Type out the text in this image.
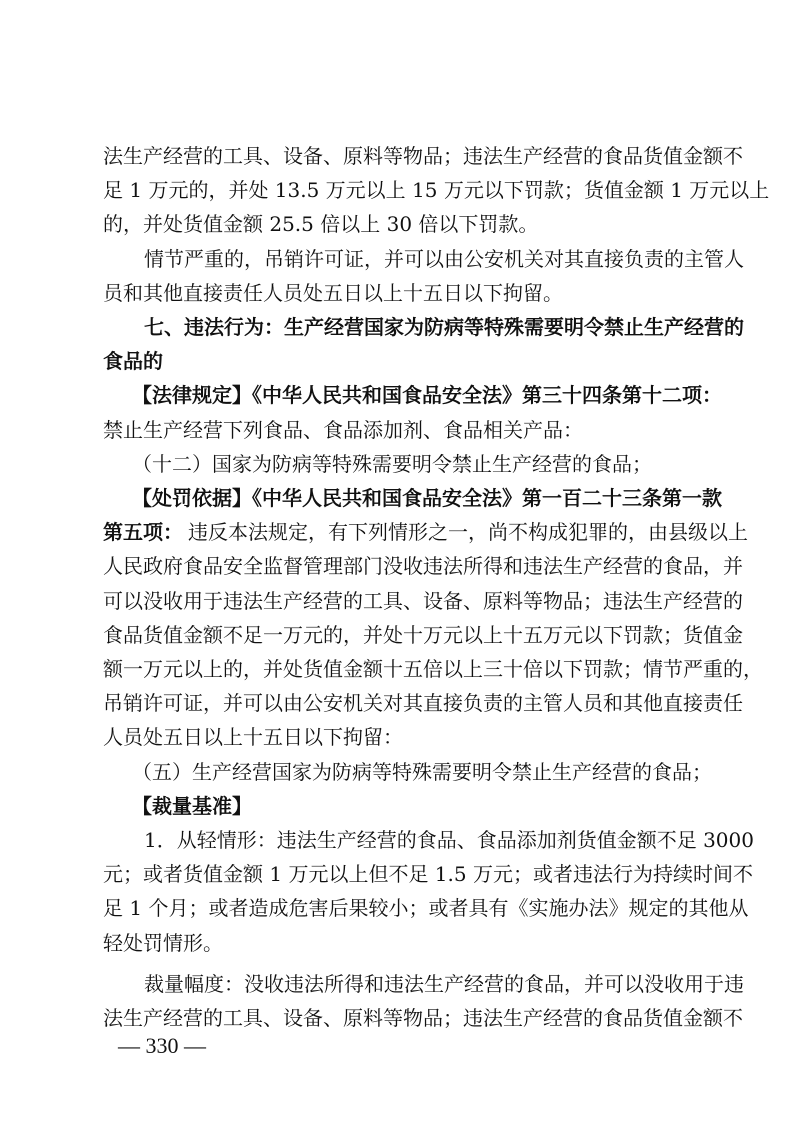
法生产经营的工具、设备、原料等物品；违法生产经营的食品货值金额不
足 1 万元的，并处 13.5 万元以上 15 万元以下罚款；货值金额 1 万元以上
的，并处货值金额 25.5 倍以上 30 倍以下罚款。
情节严重的，吊销许可证，并可以由公安机关对其直接负责的主管人
员和其他直接责任人员处五日以上十五日以下拘留。
七、违法行为：生产经营国家为防病等特殊需要明令禁止生产经营的
食品的
【法律规定】《中华人民共和国食品安全法》第三十四条第十二项：
禁止生产经营下列食品、食品添加剂、食品相关产品：
（十二）国家为防病等特殊需要明令禁止生产经营的食品；
【处罚依据】《中华人民共和国食品安全法》第一百二十三条第一款
第五项： 违反本法规定，有下列情形之一，尚不构成犯罪的，由县级以上
人民政府食品安全监督管理部门没收违法所得和违法生产经营的食品，并
可以没收用于违法生产经营的工具、设备、原料等物品；违法生产经营的
食品货值金额不足一万元的，并处十万元以上十五万元以下罚款；货值金
额一万元以上的，并处货值金额十五倍以上三十倍以下罚款；情节严重的，
吊销许可证，并可以由公安机关对其直接负责的主管人员和其他直接责任
人员处五日以上十五日以下拘留：
（五）生产经营国家为防病等特殊需要明令禁止生产经营的食品；
【裁量基准】
1．从轻情形：违法生产经营的食品、食品添加剂货值金额不足 3000
元；或者货值金额 1 万元以上但不足 1.5 万元；或者违法行为持续时间不
足 1 个月；或者造成危害后果较小；或者具有《实施办法》规定的其他从
— 330 —
轻处罚情形。
裁量幅度：没收违法所得和违法生产经营的食品，并可以没收用于违
法生产经营的工具、设备、原料等物品；违法生产经营的食品货值金额不
